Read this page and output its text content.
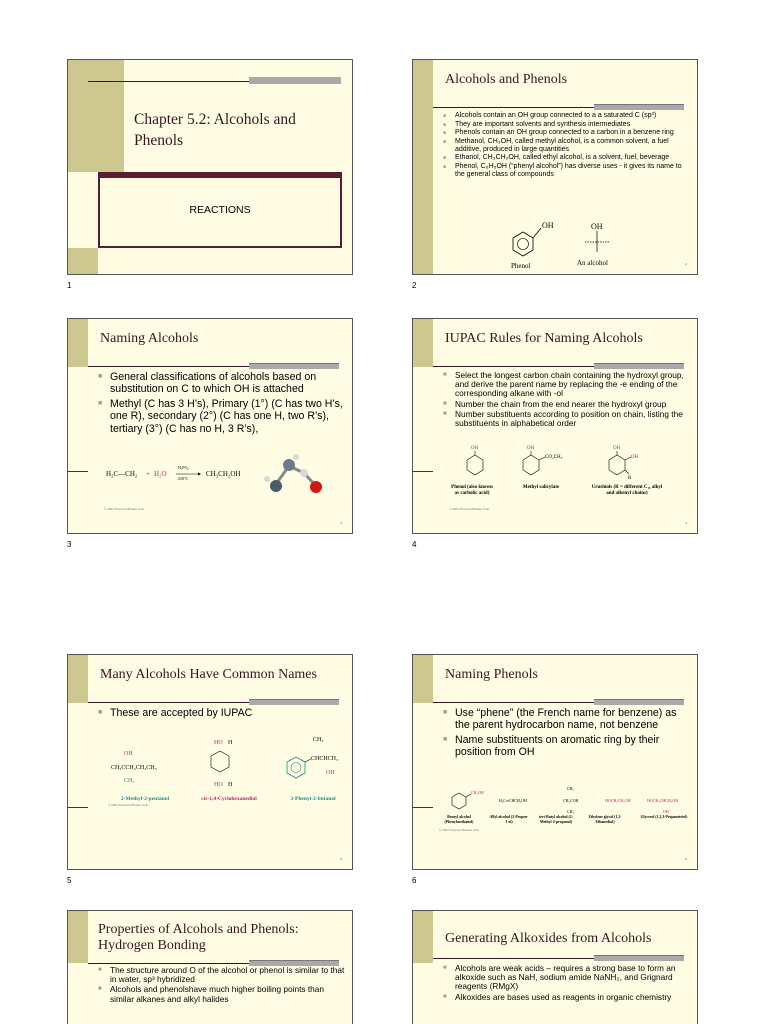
Chapter 5.2: Alcohols and Phenols
REACTIONS
1
Alcohols and Phenols
■ Alcohols contain an OH group connected to a a saturated C (sp³)
■ They are important solvents and synthesis intermediates
■ Phenols contain an OH group connected to a carbon in a benzene ring
■ Methanol, CH₃OH, called methyl alcohol, is a common solvent, a fuel additive, produced in large quantities
■ Ethanol, CH₃CH₂OH, called ethyl alcohol, is a solvent, fuel, beverage
■ Phenol, C₆H₅OH (“phenyl alcohol”) has diverse uses - it gives its name to the general class of compounds
OH
Phenol
OH
An alcohol	2
2
Naming Alcohols
■ General classifications of alcohols based on substitution on C to which OH is attached
■ Methyl (C has 3 H’s), Primary (1°) (C has two H’s, one R), secondary (2°) (C has one H, two R’s), tertiary (3°) (C has no H, 3 R’s),
H₂C—CH₂ + H₂O
H₃PO₄
250°C
CH₃CH₂OH
© 2004 Thomson/Brooks Cole
3
3
IUPAC Rules for Naming Alcohols
■ Select the longest carbon chain containing the hydroxyl group, and derive the parent name by replacing the -e ending of the corresponding alkane with -ol
■ Number the chain from the end nearer the hydroxyl group
■ Number substituents according to position on chain, listing the substituents in alphabetical order
OH	OH
CO₂CH₃
OH
OH
R
Phenol (also known as carbolic acid)
Methyl salicylate	Urushiols (R = different C₁₅ alkyl and alkenyl chains)
© 2004 Thomson/Brooks Cole
4
4
Many Alcohols Have Common Names
■ These are accepted by IUPAC
OH
CH₃CCH₂CH₂CH₃
CH₃
HO H
HO H
CH₃
CHCHCH₃
OH
2-Methyl-2-pentanol	cis-1,4-Cyclohexanediol	3-Phenyl-2-butanol
© 2004 Thomson/Brooks Cole
5
5
Naming Phenols
■ Use “phene” (the French name for benzene) as the parent hydrocarbon name, not benzene
■ Name substituents on aromatic ring by their position from OH
CH₂OH
H₂C═CHCH₂OH
CH₃
CH₃COH
CH₃
HOCH₂CH₂OH	HOCH₂CHCH₂OH
OH
Benzyl alcohol (Phenylmethanol)
Allyl alcohol (2-Propen-1-ol)
tert-Butyl alcohol (2-Methyl-2-propanol)
Ethylene glycol (1,2-Ethanediol)
Glycerol (1,2,3-Propanetriol)
© 2004 Thomson/Brooks Cole
6
6
Properties of Alcohols and Phenols: Hydrogen Bonding
■ The structure around O of the alcohol or phenol is similar to that in water, sp³ hybridized
■ Alcohols and phenolshave much higher boiling points than similar alkanes and alkyl halides
Generating Alkoxides from Alcohols
■ Alcohols are weak acids – requires a strong base to form an alkoxide such as NaH, sodium amide NaNH₂, and Grignard reagents (RMgX)
■ Alkoxides are bases used as reagents in organic chemistry
